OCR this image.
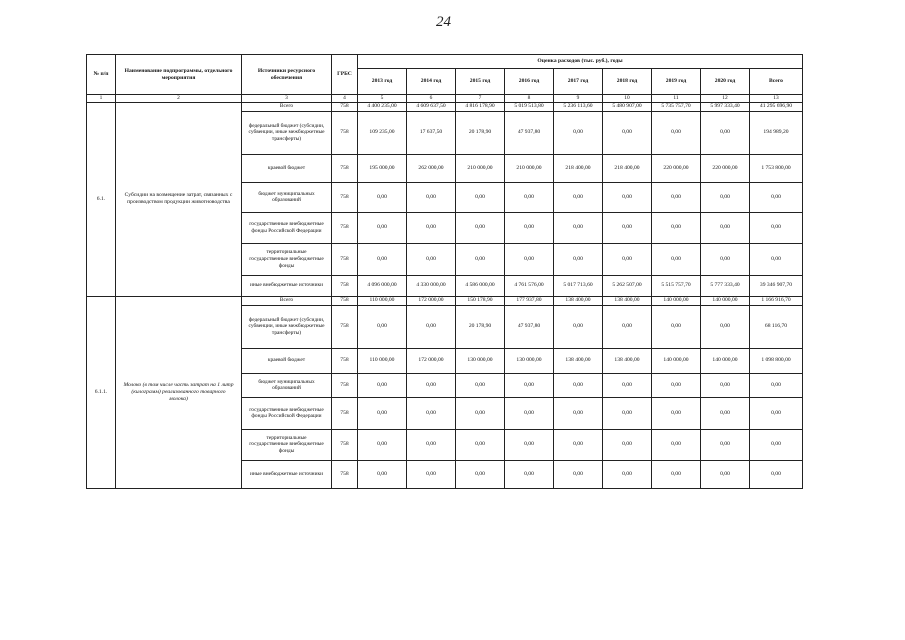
24
№ п/п	Наименование подпрограммы, отдельного мероприятия	Источники ресурсного обеспечения	ГРБС	Оценка расходов (тыс. руб.), годы								
				2013 год	2014 год	2015 год	2016 год	2017 год	2018 год	2019 год	2020 год	Всего
1	2	3	4	5	6	7	8	9	10	11	12	13
6.1.	Субсидии на возмещение затрат, связанных с производством продукции животноводства	Всего	758	4 400 235,00	4 609 637,50	4 816 178,90	5 019 513,80	5 236 113,60	5 480 907,00	5 735 757,70	5 997 333,40	41 295 696,90
		федеральный бюджет (субсидии, субвенции, иные межбюджетные трансферты)	758	109 235,00	17 637,50	20 178,90	47 937,80	0,00	0,00	0,00	0,00	194 989,20
		краевой бюджет	758	195 000,00	262 000,00	210 000,00	210 000,00	218 400,00	218 400,00	220 000,00	220 000,00	1 753 800,00
		бюджет муниципальных образований	758	0,00	0,00	0,00	0,00	0,00	0,00	0,00	0,00	0,00
		государственные внебюджетные фонды Российской Федерации	758	0,00	0,00	0,00	0,00	0,00	0,00	0,00	0,00	0,00
		территориальные государственные внебюджетные фонды	758	0,00	0,00	0,00	0,00	0,00	0,00	0,00	0,00	0,00
		иные внебюджетные источники	758	4 096 000,00	4 330 000,00	4 586 000,00	4 761 576,00	5 017 713,60	5 262 507,00	5 515 757,70	5 777 333,40	39 346 907,70
6.1.1.	Молоко (в том числе часть затрат на 1 литр (килограмм) реализованного товарного молока)	Всего	758	110 000,00	172 000,00	150 178,90	177 937,80	138 400,00	138 400,00	140 000,00	140 000,00	1 166 916,70
		федеральный бюджет (субсидии, субвенции, иные межбюджетные трансферты)	758	0,00	0,00	20 178,90	47 937,80	0,00	0,00	0,00	0,00	68 116,70
		краевой бюджет	758	110 000,00	172 000,00	130 000,00	130 000,00	138 400,00	138 400,00	140 000,00	140 000,00	1 098 800,00
		бюджет муниципальных образований	758	0,00	0,00	0,00	0,00	0,00	0,00	0,00	0,00	0,00
		государственные внебюджетные фонды Российской Федерации	758	0,00	0,00	0,00	0,00	0,00	0,00	0,00	0,00	0,00
		территориальные государственные внебюджетные фонды	758	0,00	0,00	0,00	0,00	0,00	0,00	0,00	0,00	0,00
		иные внебюджетные источники	758	0,00	0,00	0,00	0,00	0,00	0,00	0,00	0,00	0,00
